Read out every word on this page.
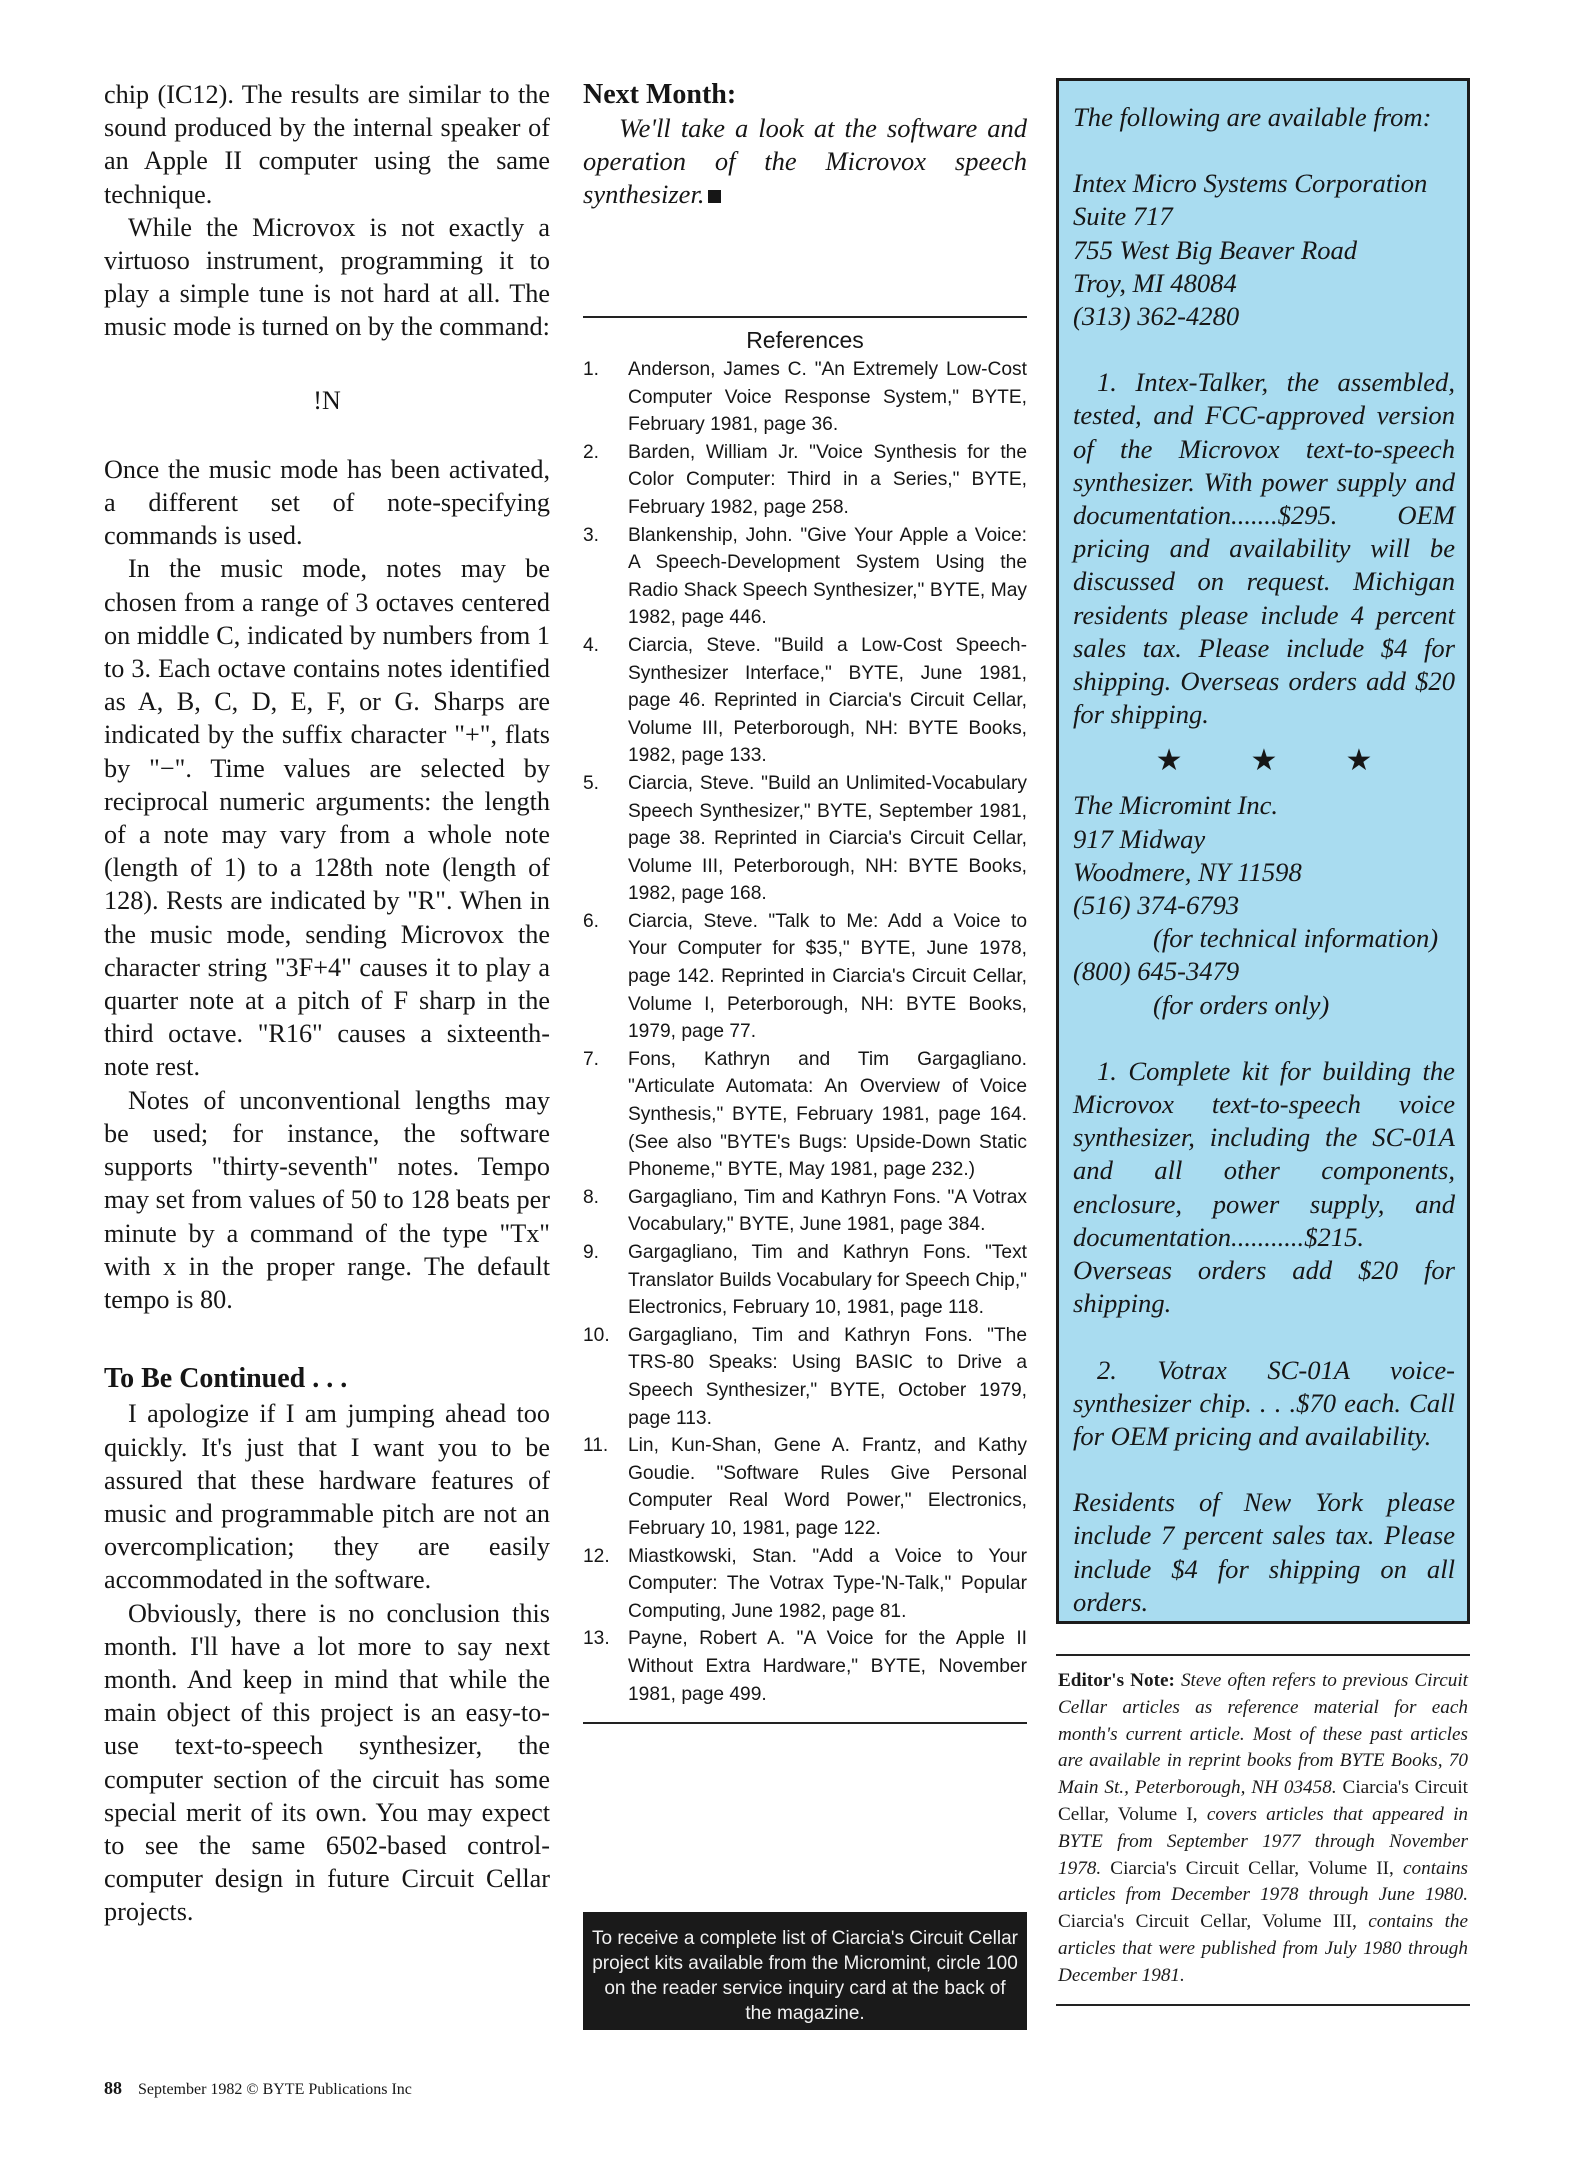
chip (IC12). The results are similar to the sound produced by the internal speaker of an Apple II computer using the same technique.

While the Microvox is not exactly a virtuoso instrument, programming it to play a simple tune is not hard at all. The music mode is turned on by the command:

!N

Once the music mode has been activated, a different set of note-specifying commands is used.

In the music mode, notes may be chosen from a range of 3 octaves centered on middle C, indicated by numbers from 1 to 3. Each octave contains notes identified as A, B, C, D, E, F, or G. Sharps are indicated by the suffix character "+", flats by "−". Time values are selected by reciprocal numeric arguments: the length of a note may vary from a whole note (length of 1) to a 128th note (length of 128). Rests are indicated by "R". When in the music mode, sending Microvox the character string "3F+4" causes it to play a quarter note at a pitch of F sharp in the third octave. "R16" causes a sixteenth-note rest.

Notes of unconventional lengths may be used; for instance, the software supports "thirty-seventh" notes. Tempo may set from values of 50 to 128 beats per minute by a command of the type "Tx" with x in the proper range. The default tempo is 80.

To Be Continued . . .

I apologize if I am jumping ahead too quickly. It's just that I want you to be assured that these hardware features of music and programmable pitch are not an overcomplication; they are easily accommodated in the software.

Obviously, there is no conclusion this month. I'll have a lot more to say next month. And keep in mind that while the main object of this project is an easy-to-use text-to-speech synthesizer, the computer section of the circuit has some special merit of its own. You may expect to see the same 6502-based control-computer design in future Circuit Cellar projects.

Next Month:

We'll take a look at the software and operation of the Microvox speech synthesizer.

References
1.	Anderson, James C. "An Extremely Low-Cost Computer Voice Response System," BYTE, February 1981, page 36.
2.	Barden, William Jr. "Voice Synthesis for the Color Computer: Third in a Series," BYTE, February 1982, page 258.
3.	Blankenship, John. "Give Your Apple a Voice: A Speech-Development System Using the Radio Shack Speech Synthesizer," BYTE, May 1982, page 446.
4.	Ciarcia, Steve. "Build a Low-Cost Speech-Synthesizer Interface," BYTE, June 1981, page 46. Reprinted in Ciarcia's Circuit Cellar, Volume III, Peterborough, NH: BYTE Books, 1982, page 133.
5.	Ciarcia, Steve. "Build an Unlimited-Vocabulary Speech Synthesizer," BYTE, September 1981, page 38. Reprinted in Ciarcia's Circuit Cellar, Volume III, Peterborough, NH: BYTE Books, 1982, page 168.
6.	Ciarcia, Steve. "Talk to Me: Add a Voice to Your Computer for $35," BYTE, June 1978, page 142. Reprinted in Ciarcia's Circuit Cellar, Volume I, Peterborough, NH: BYTE Books, 1979, page 77.
7.	Fons, Kathryn and Tim Gargagliano. "Articulate Automata: An Overview of Voice Synthesis," BYTE, February 1981, page 164. (See also "BYTE's Bugs: Upside-Down Static Phoneme," BYTE, May 1981, page 232.)
8.	Gargagliano, Tim and Kathryn Fons. "A Votrax Vocabulary," BYTE, June 1981, page 384.
9.	Gargagliano, Tim and Kathryn Fons. "Text Translator Builds Vocabulary for Speech Chip," Electronics, February 10, 1981, page 118.
10. Gargagliano, Tim and Kathryn Fons. "The TRS-80 Speaks: Using BASIC to Drive a Speech Synthesizer," BYTE, October 1979, page 113.
11.	Lin, Kun-Shan, Gene A. Frantz, and Kathy Goudie. "Software Rules Give Personal Computer Real Word Power," Electronics, February 10, 1981, page 122.
12. Miastkowski, Stan. "Add a Voice to Your Computer: The Votrax Type-'N-Talk," Popular Computing, June 1982, page 81.
13. Payne, Robert A. "A Voice for the Apple II Without Extra Hardware," BYTE, November 1981, page 499.
To receive a complete list of Ciarcia's Circuit Cellar project kits available from the Micromint, circle 100 on the reader service inquiry card at the back of the magazine.

The following are available from:

Intex Micro Systems Corporation

Suite 717

755 West Big Beaver Road

Troy, MI 48084

(313) 362-4280

1. Intex-Talker, the assembled, tested, and FCC-approved version of the Microvox text-to-speech synthesizer. With power supply and documentation.......$295. OEM pricing and availability will be discussed on request. Michigan residents please include 4 percent sales tax. Please include $4 for shipping. Overseas orders add $20 for shipping.

★ ★ ★

The Micromint Inc.

917 Midway

Woodmere, NY 11598

(516) 374-6793

(for technical information)

(800) 645-3479

(for orders only)

1. Complete kit for building the Microvox text-to-speech voice synthesizer, including the SC-01A and all other components, enclosure, power supply, and documentation...........$215. Overseas orders add $20 for shipping.

2. Votrax SC-01A voice-synthesizer chip. . . .$70 each. Call for OEM pricing and availability.

Residents of New York please include 7 percent sales tax. Please include $4 for shipping on all orders.

Editor's Note: Steve often refers to previous Circuit Cellar articles as reference material for each month's current article. Most of these past articles are available in reprint books from BYTE Books, 70 Main St., Peterborough, NH 03458. Ciarcia's Circuit Cellar, Volume I, covers articles that appeared in BYTE from September 1977 through November 1978. Ciarcia's Circuit Cellar, Volume II, contains articles from December 1978 through June 1980. Ciarcia's Circuit Cellar, Volume III, contains the articles that were published from July 1980 through December 1981.
88 September 1982 © BYTE Publications Inc
